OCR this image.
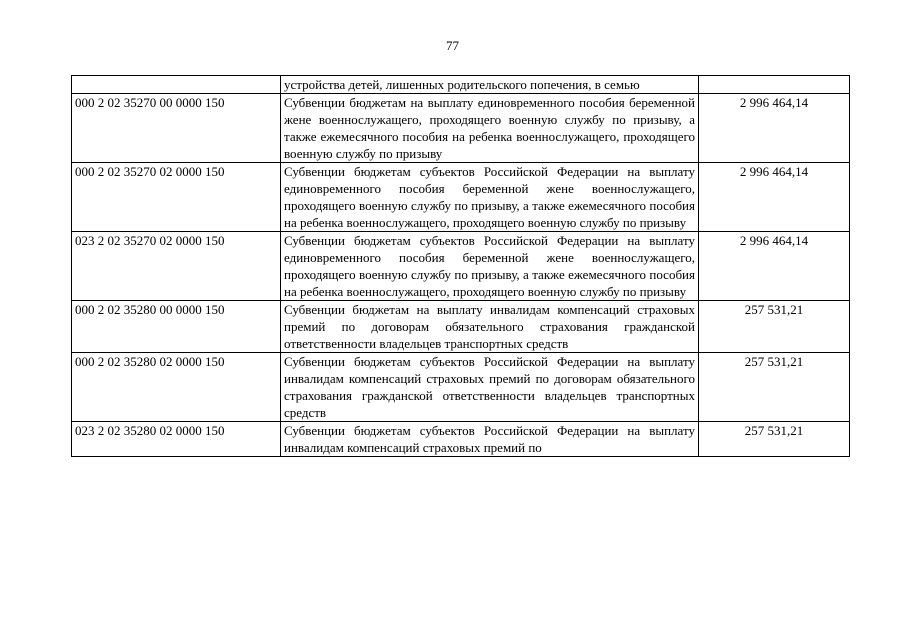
77
	устройства детей, лишенных родительского попечения, в семью	
000 2 02 35270 00 0000 150	Субвенции бюджетам на выплату единовременного пособия беременной жене военнослужащего, проходящего военную службу по призыву, а также ежемесячного пособия на ребенка военнослужащего, проходящего военную службу по призыву	2 996 464,14
000 2 02 35270 02 0000 150	Субвенции бюджетам субъектов Российской Федерации на выплату единовременного пособия беременной жене военнослужащего, проходящего военную службу по призыву, а также ежемесячного пособия на ребенка военнослужащего, проходящего военную службу по призыву	2 996 464,14
023 2 02 35270 02 0000 150	Субвенции бюджетам субъектов Российской Федерации на выплату единовременного пособия беременной жене военнослужащего, проходящего военную службу по призыву, а также ежемесячного пособия на ребенка военнослужащего, проходящего военную службу по призыву	2 996 464,14
000 2 02 35280 00 0000 150	Субвенции бюджетам на выплату инвалидам компенсаций страховых премий по договорам обязательного страхования гражданской ответственности владельцев транспортных средств	257 531,21
000 2 02 35280 02 0000 150	Субвенции бюджетам субъектов Российской Федерации на выплату инвалидам компенсаций страховых премий по договорам обязательного страхования гражданской ответственности владельцев транспортных средств	257 531,21
023 2 02 35280 02 0000 150	Субвенции бюджетам субъектов Российской Федерации на выплату инвалидам компенсаций страховых премий по	257 531,21
